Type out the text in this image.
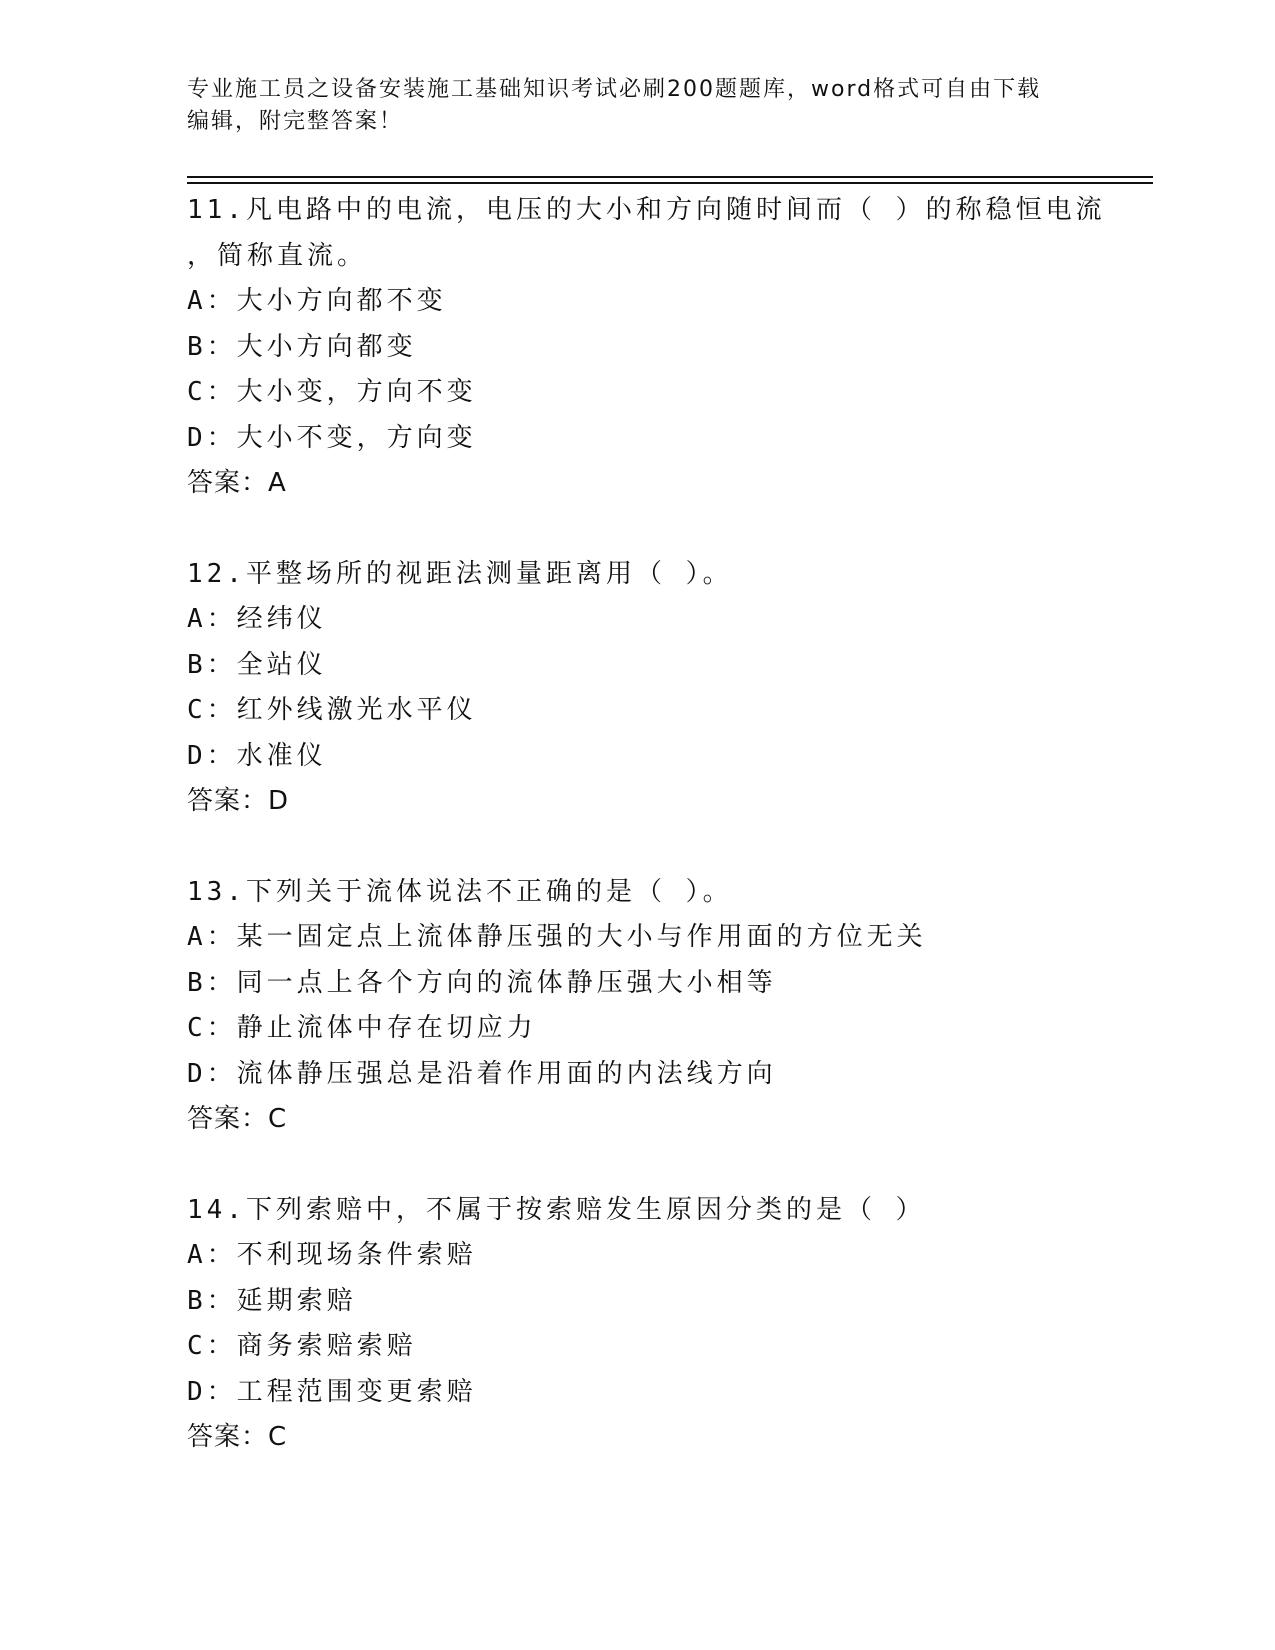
专业施工员之设备安装施工基础知识考试必刷200题题库，word格式可自由下载
编辑，附完整答案！
11.凡电路中的电流，电压的大小和方向随时间而（ ）的称稳恒电流
，简称直流。
A：大小方向都不变
B：大小方向都变
C：大小变，方向不变
D：大小不变，方向变
答案：A
12.平整场所的视距法测量距离用（ ）。
A：经纬仪
B：全站仪
C：红外线激光水平仪
D：水准仪
答案：D
13.下列关于流体说法不正确的是（ ）。
A：某一固定点上流体静压强的大小与作用面的方位无关
B：同一点上各个方向的流体静压强大小相等
C：静止流体中存在切应力
D：流体静压强总是沿着作用面的内法线方向
答案：C
14.下列索赔中，不属于按索赔发生原因分类的是（ ）
A：不利现场条件索赔
B：延期索赔
C：商务索赔索赔
D：工程范围变更索赔
答案：C
